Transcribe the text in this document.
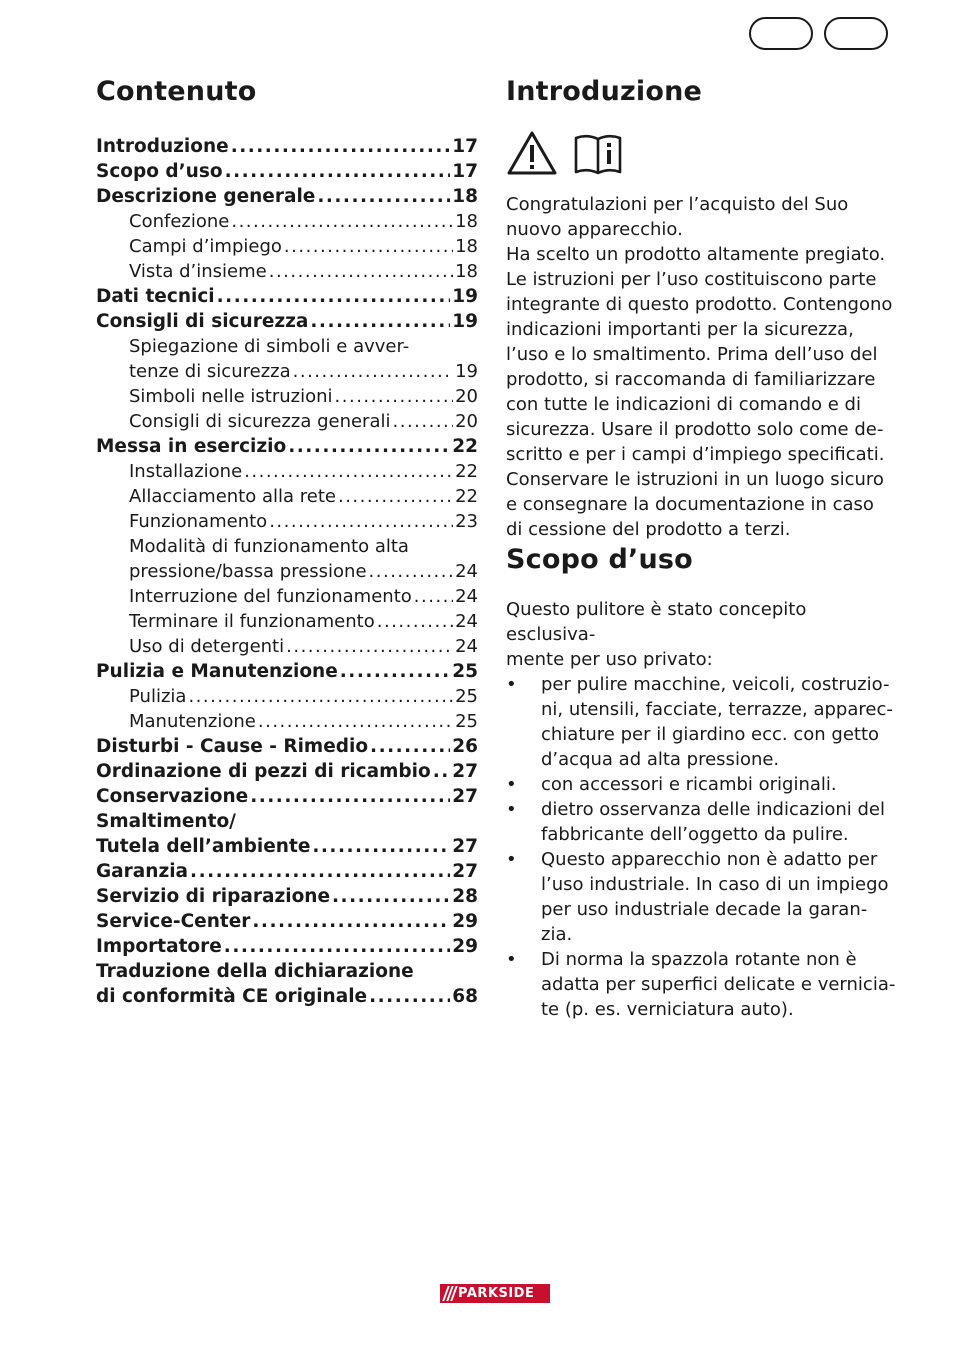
Contenuto
Introduzione .....	17
Scopo d’uso .....	17
Descrizione generale .....	18
Confezione .....	18
Campi d’impiego .....	18
Vista d’insieme .....	18
Dati tecnici .....	19
Consigli di sicurezza .....	19
Spiegazione di simboli e avver-
tenze di sicurezza .....	19
Simboli nelle istruzioni .....	20
Consigli di sicurezza generali .....	20
Messa in esercizio .....	22
Installazione .....	22
Allacciamento alla rete .....	22
Funzionamento .....	23
Modalità di funzionamento alta
pressione/bassa pressione .....	24
Interruzione del funzionamento ..... 24
Terminare il funzionamento .....	24
Uso di detergenti .....	24
Pulizia e Manutenzione .....	25
Pulizia .....	25
Manutenzione .....	25
Disturbi - Cause - Rimedio .....	26
Ordinazione di pezzi di ricambio ..... 27
Conservazione .....	27
Smaltimento/
Tutela dell’ambiente .....	27
Garanzia .....	27
Servizio di riparazione .....	28
Service-Center .....	29
Importatore .....	29
Traduzione della dichiarazione
di conformità CE originale .....	68
Introduzione
Congratulazioni per l’acquisto del Suo
nuovo apparecchio.
Ha scelto un prodotto altamente pregiato.
Le istruzioni per l’uso costituiscono parte
integrante di questo prodotto. Contengono
indicazioni importanti per la sicurezza,
l’uso e lo smaltimento. Prima dell’uso del
prodotto, si raccomanda di familiarizzare
con tutte le indicazioni di comando e di
sicurezza. Usare il prodotto solo come de-
scritto e per i campi d’impiego specificati.
Conservare le istruzioni in un luogo sicuro
e consegnare la documentazione in caso
di cessione del prodotto a terzi.
Scopo d’uso
Questo pulitore è stato concepito esclusiva-
mente per uso privato:
• per pulire macchine, veicoli, costruzio-
ni, utensili, facciate, terrazze, apparec-
chiature per il giardino ecc. con getto
d’acqua ad alta pressione.
• con accessori e ricambi originali.
• dietro osservanza delle indicazioni del
fabbricante dell’oggetto da pulire.
• Questo apparecchio non è adatto per
l’uso industriale. In caso di un impiego
per uso industriale decade la garan-
zia.
• Di norma la spazzola rotante non è
adatta per superfici delicate e vernicia-
te (p. es. verniciatura auto).
PARKSIDE
